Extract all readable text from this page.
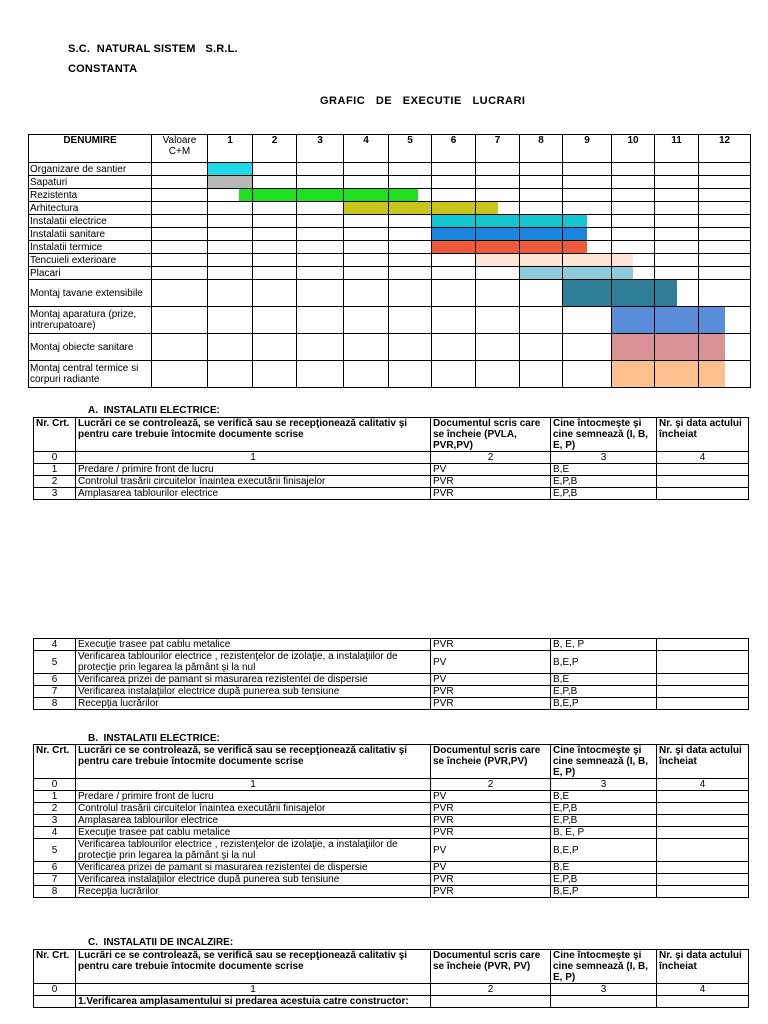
S.C.  NATURAL SISTEM   S.R.L.
CONSTANTA
GRAFIC   DE   EXECUTIE   LUCRARI
DENUMIRE	Valoare C+M	1	2	3	4	5	6	7	8	9	10	11	12
Organizare de santier		

Sapaturi		

Rezistenta		

Arhitectura					

Instalatii electrice							

Instalatii sanitare							

Instalatii termice							

Tencuieli exterioare								

Placari									

Montaj tavane extensibile										

Montaj aparatura (prize, intrerupatoare)											

Montaj obiecte sanitare											

Montaj central termice si corpuri radiante											

A.  INSTALATII ELECTRICE:
Nr. Crt.	Lucrări ce se controlează, se verifică sau se recepţionează calitativ şi pentru care trebuie întocmite documente scrise	Documentul scris care se încheie (PVLA, PVR,PV)	Cine întocmeşte şi cine semnează (I, B, E, P)	Nr. şi data actului încheiat
0	1	2	3	4
1	Predare / primire front de lucru	PV	B,E	
2	Controlul trasării circuitelor înaintea executării finisajelor	PVR	E,P,B	
3	Amplasarea tablourilor electrice	PVR	E,P,B	
4	Execuţie trasee pat cablu metalice	PVR	B, E, P	
5	Verificarea tablourilor electrice , rezistenţelor de izolaţie, a instalaţiilor de protecţie prin legarea la pământ şi la nul	PV	B,E,P	
6	Verificarea prizei de pamant si masurarea rezistentei de dispersie	PV	B,E	
7	Verificarea instalaţiilor electrice după punerea sub tensiune	PVR	E,P,B	
8	Recepţia lucrărilor	PVR	B,E,P	
B.  INSTALATII ELECTRICE:
Nr. Crt.	Lucrări ce se controlează, se verifică sau se recepţionează calitativ şi pentru care trebuie întocmite documente scrise	Documentul scris care se încheie (PVR,PV)	Cine întocmeşte şi cine semnează (I, B, E, P)	Nr. şi data actului încheiat
0	1	2	3	4
1	Predare / primire front de lucru	PV	B,E	
2	Controlul trasării circuitelor înaintea executării finisajelor	PVR	E,P,B	
3	Amplasarea tablourilor electrice	PVR	E,P,B	
4	Execuţie trasee pat cablu metalice	PVR	B, E, P	
5	Verificarea tablourilor electrice , rezistenţelor de izolaţie, a instalaţiilor de protecţie prin legarea la pământ şi la nul	PV	B,E,P	
6	Verificarea prizei de pamant si masurarea rezistentei de dispersie	PV	B,E	
7	Verificarea instalaţiilor electrice după punerea sub tensiune	PVR	E,P,B	
8	Recepţia lucrărilor	PVR	B,E,P	
C.  INSTALATII DE INCALZIRE:
Nr. Crt.	Lucrări ce se controlează, se verifică sau se recepţionează calitativ şi pentru care trebuie întocmite documente scrise	Documentul scris care se încheie (PVR, PV)	Cine întocmeşte şi cine semnează (I, B, E, P)	Nr. şi data actului încheiat
0	1	2	3	4
	1.Verificarea amplasamentului si predarea acestuia catre constructor:			
